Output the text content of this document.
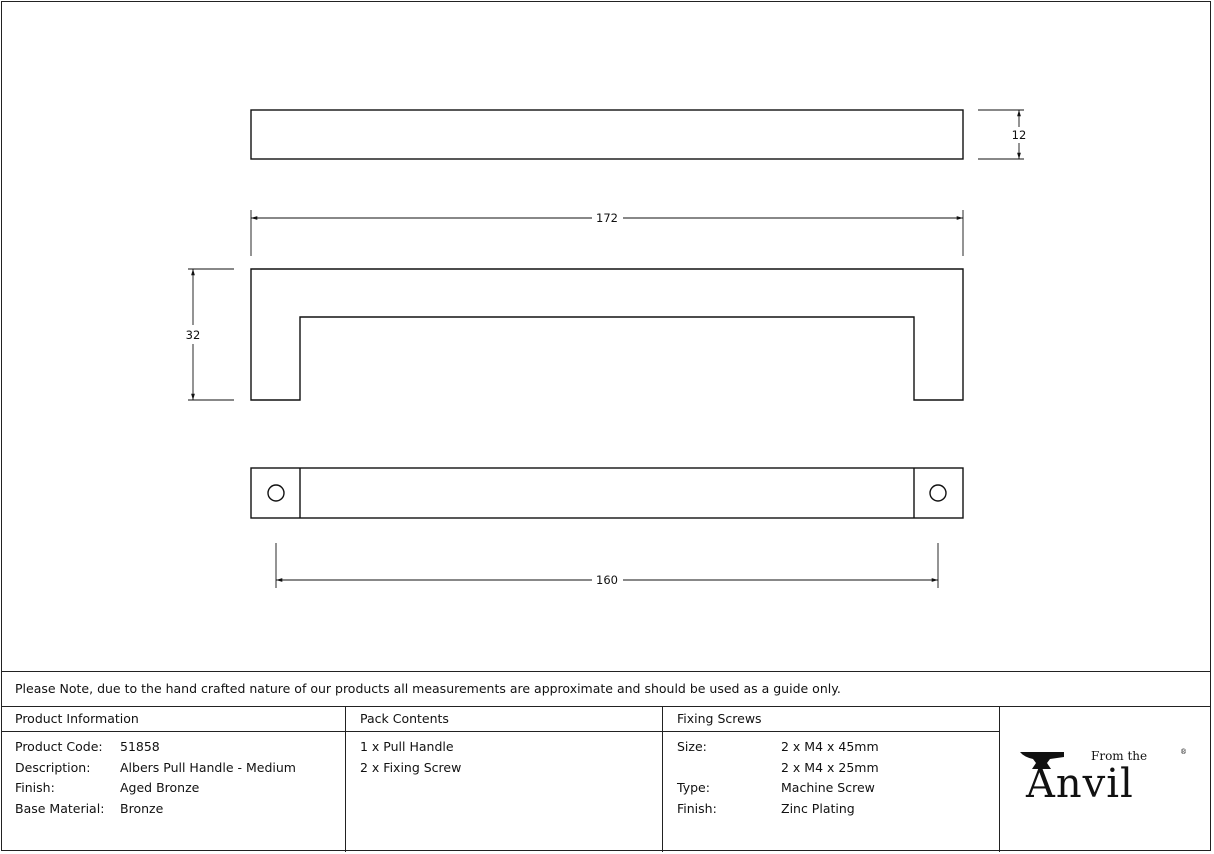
12
172
32
160
Please Note, due to the hand crafted nature of our products all measurements are approximate and should be used as a guide only.
Product Information
Product Code: 51858
Description: Albers Pull Handle - Medium
Finish:	Aged Bronze
Base Material: Bronze
Pack Contents
1 x Pull Handle
2 x Fixing Screw
Fixing Screws
Size:	2 x M4 x 45mm
2 x M4 x 25mm
Type:	Machine Screw
Finish:	Zinc Plating
From the	®
Anvil
